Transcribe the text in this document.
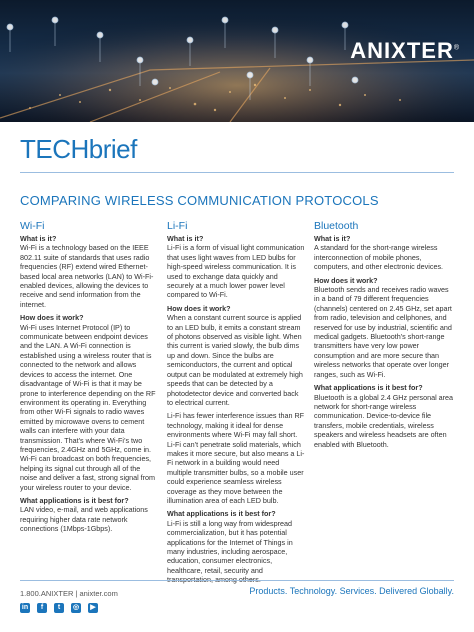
ANIXTER®
TECHbrief
COMPARING WIRELESS COMMUNICATION PROTOCOLS
Wi-Fi
What is it?

Wi-Fi is a technology based on the IEEE 802.11 suite of standards that uses radio frequencies (RF) extend wired Ethernet-based local area networks (LAN) to Wi-Fi-enabled devices, allowing the devices to receive and send information from the internet.

How does it work?

Wi-Fi uses Internet Protocol (IP) to communicate between endpoint devices and the LAN. A Wi-Fi connection is established using a wireless router that is connected to the network and allows devices to access the internet. One disadvantage of Wi-Fi is that it may be prone to interference depending on the RF environment its operating in. Everything from other Wi-Fi signals to radio waves emitted by microwave ovens to cement walls can interfere with your data transmission. That’s where Wi-Fi’s two frequencies, 2.4GHz and 5GHz, come in. Wi-Fi can broadcast on both frequencies, helping its signal cut through all of the noise and deliver a fast, strong signal from your wireless router to your device.

What applications is it best for?

LAN video, e-mail, and web applications requiring higher data rate network connections (1Mbps-1Gbps).

Li-Fi
What is it?

Li-Fi is a form of visual light communication that uses light waves from LED bulbs for high-speed wireless communication. It is used to exchange data quickly and securely at a much lower power level compared to Wi-Fi.

How does it work?

When a constant current source is applied to an LED bulb, it emits a constant stream of photons observed as visible light. When this current is varied slowly, the bulb dims up and down. Since the bulbs are semiconductors, the current and optical output can be modulated at extremely high speeds that can be detected by a photodetector device and converted back to electrical current.

Li-Fi has fewer interference issues than RF technology, making it ideal for dense environments where Wi-Fi may fall short. Li-Fi can’t penetrate solid materials, which makes it more secure, but also means a Li-Fi network in a building would need multiple transmitter bulbs, so a mobile user could experience seamless wireless coverage as they move between the illumination area of each LED bulb.

What applications is it best for?

Li-Fi is still a long way from widespread commercialization, but it has potential applications for the Internet of Things in many industries, including aerospace, education, consumer electronics, healthcare, retail, security and

Bluetooth
What is it?

A standard for the short-range wireless interconnection of mobile phones, computers, and other electronic devices.

How does it work?

Bluetooth sends and receives radio waves in a band of 79 different frequencies (channels) centered on 2.45 GHz, set apart from radio, television and cellphones, and reserved for use by industrial, scientific and medical gadgets. Bluetooth’s short-range transmitters have very low power consumption and are more secure than wireless networks that operate over longer ranges, such as Wi-Fi.

What applications is it best for?

Bluetooth is a global 2.4 GHz personal area network for short-range wireless communication. Device-to-device file transfers, mobile credentials, wireless speakers and wireless headsets are often enabled with Bluetooth.

1.800.ANIXTER | anixter.com
in	f	t	◎	▶
Products. Technology. Services. Delivered Globally.
